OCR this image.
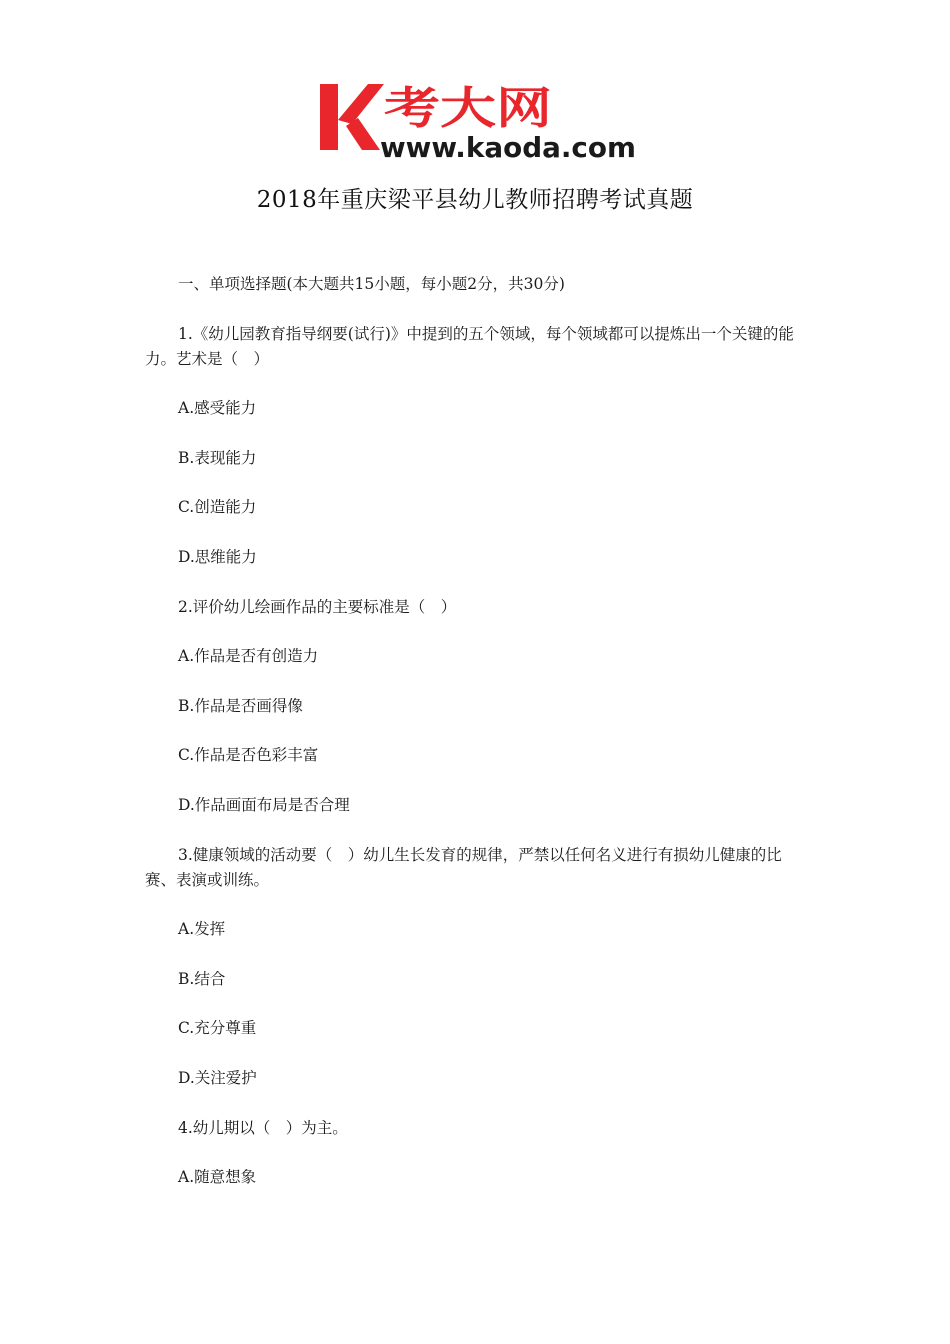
考大网
www.kaoda.com
2018年重庆梁平县幼儿教师招聘考试真题

一、单项选择题(本大题共15小题，每小题2分，共30分)

1.《幼儿园教育指导纲要(试行)》中提到的五个领域，每个领域都可以提炼出一个关键的能力。艺术是（　）

A.感受能力

B.表现能力

C.创造能力

D.思维能力

2.评价幼儿绘画作品的主要标准是（　）

A.作品是否有创造力

B.作品是否画得像

C.作品是否色彩丰富

D.作品画面布局是否合理

3.健康领域的活动要（　）幼儿生长发育的规律，严禁以任何名义进行有损幼儿健康的比赛、表演或训练。

A.发挥

B.结合

C.充分尊重

D.关注爱护

4.幼儿期以（　）为主。

A.随意想象
